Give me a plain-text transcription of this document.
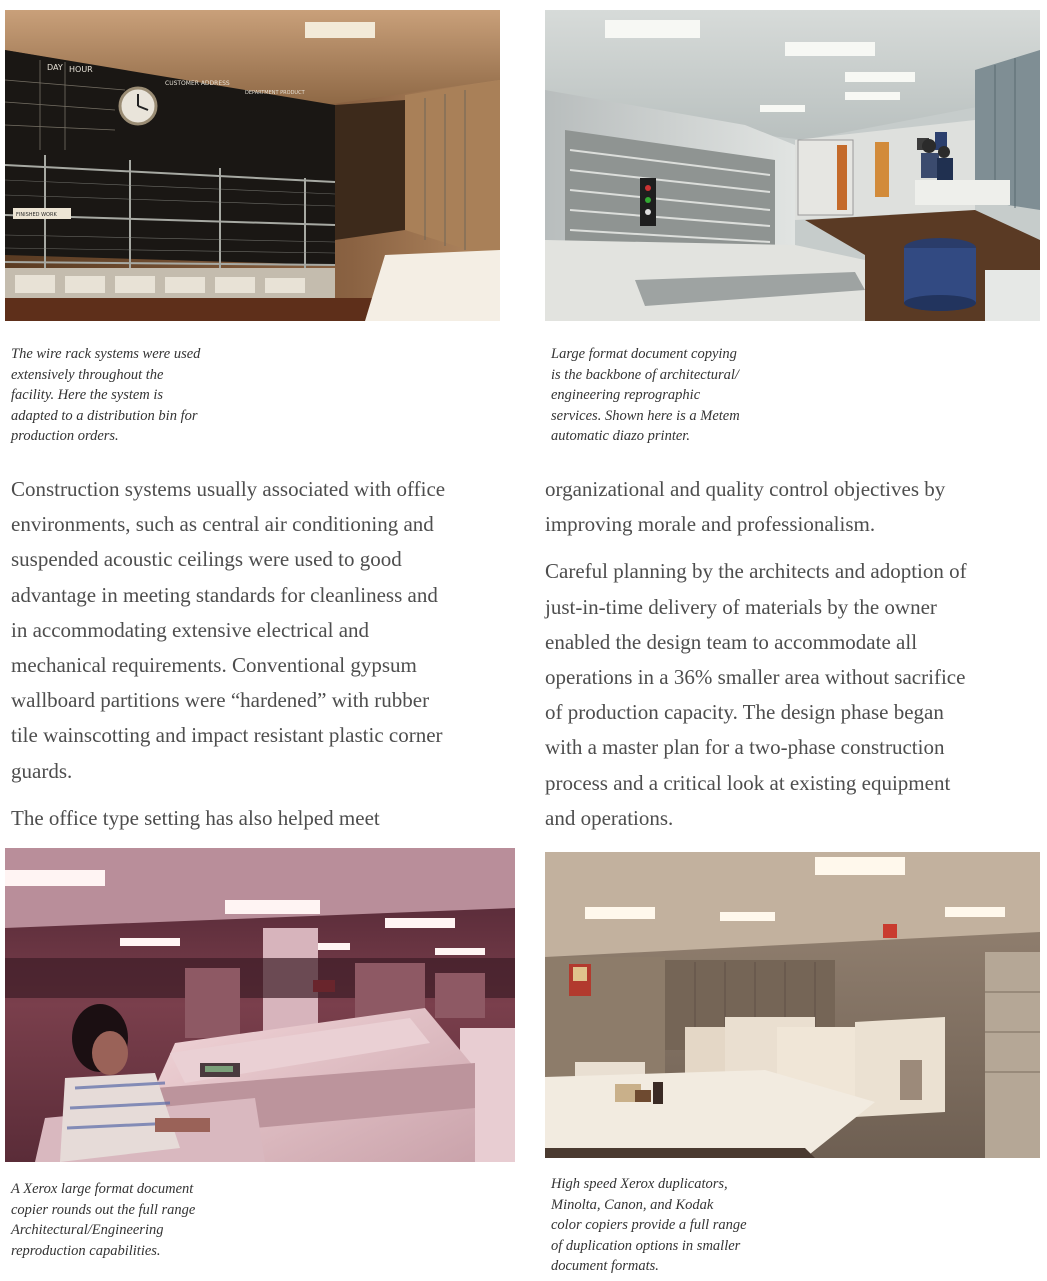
DAY HOUR
CUSTOMER ADDRESS
DEPARTMENT PRODUCT
FINISHED WORK
The wire rack systems were used
extensively throughout the
facility. Here the system is
adapted to a distribution bin for
production orders.
Large format document copying
is the backbone of architectural/
engineering reprographic
services. Shown here is a Metem
automatic diazo printer.

Construction systems usually associated with office
environments, such as central air conditioning and
suspended acoustic ceilings were used to good
advantage in meeting standards for cleanliness and
in accommodating extensive electrical and
mechanical requirements. Conventional gypsum
wallboard partitions were “hardened” with rubber
tile wainscotting and impact resistant plastic corner
guards.

The office type setting has also helped meet

organizational and quality control objectives by
improving morale and professionalism.

Careful planning by the architects and adoption of
just-in-time delivery of materials by the owner
enabled the design team to accommodate all
operations in a 36% smaller area without sacrifice
of production capacity. The design phase began
with a master plan for a two-phase construction
process and a critical look at existing equipment
and operations.

A Xerox large format document
copier rounds out the full range
Architectural/Engineering
reproduction capabilities.
High speed Xerox duplicators,
Minolta, Canon, and Kodak
color copiers provide a full range
of duplication options in smaller
document formats.
